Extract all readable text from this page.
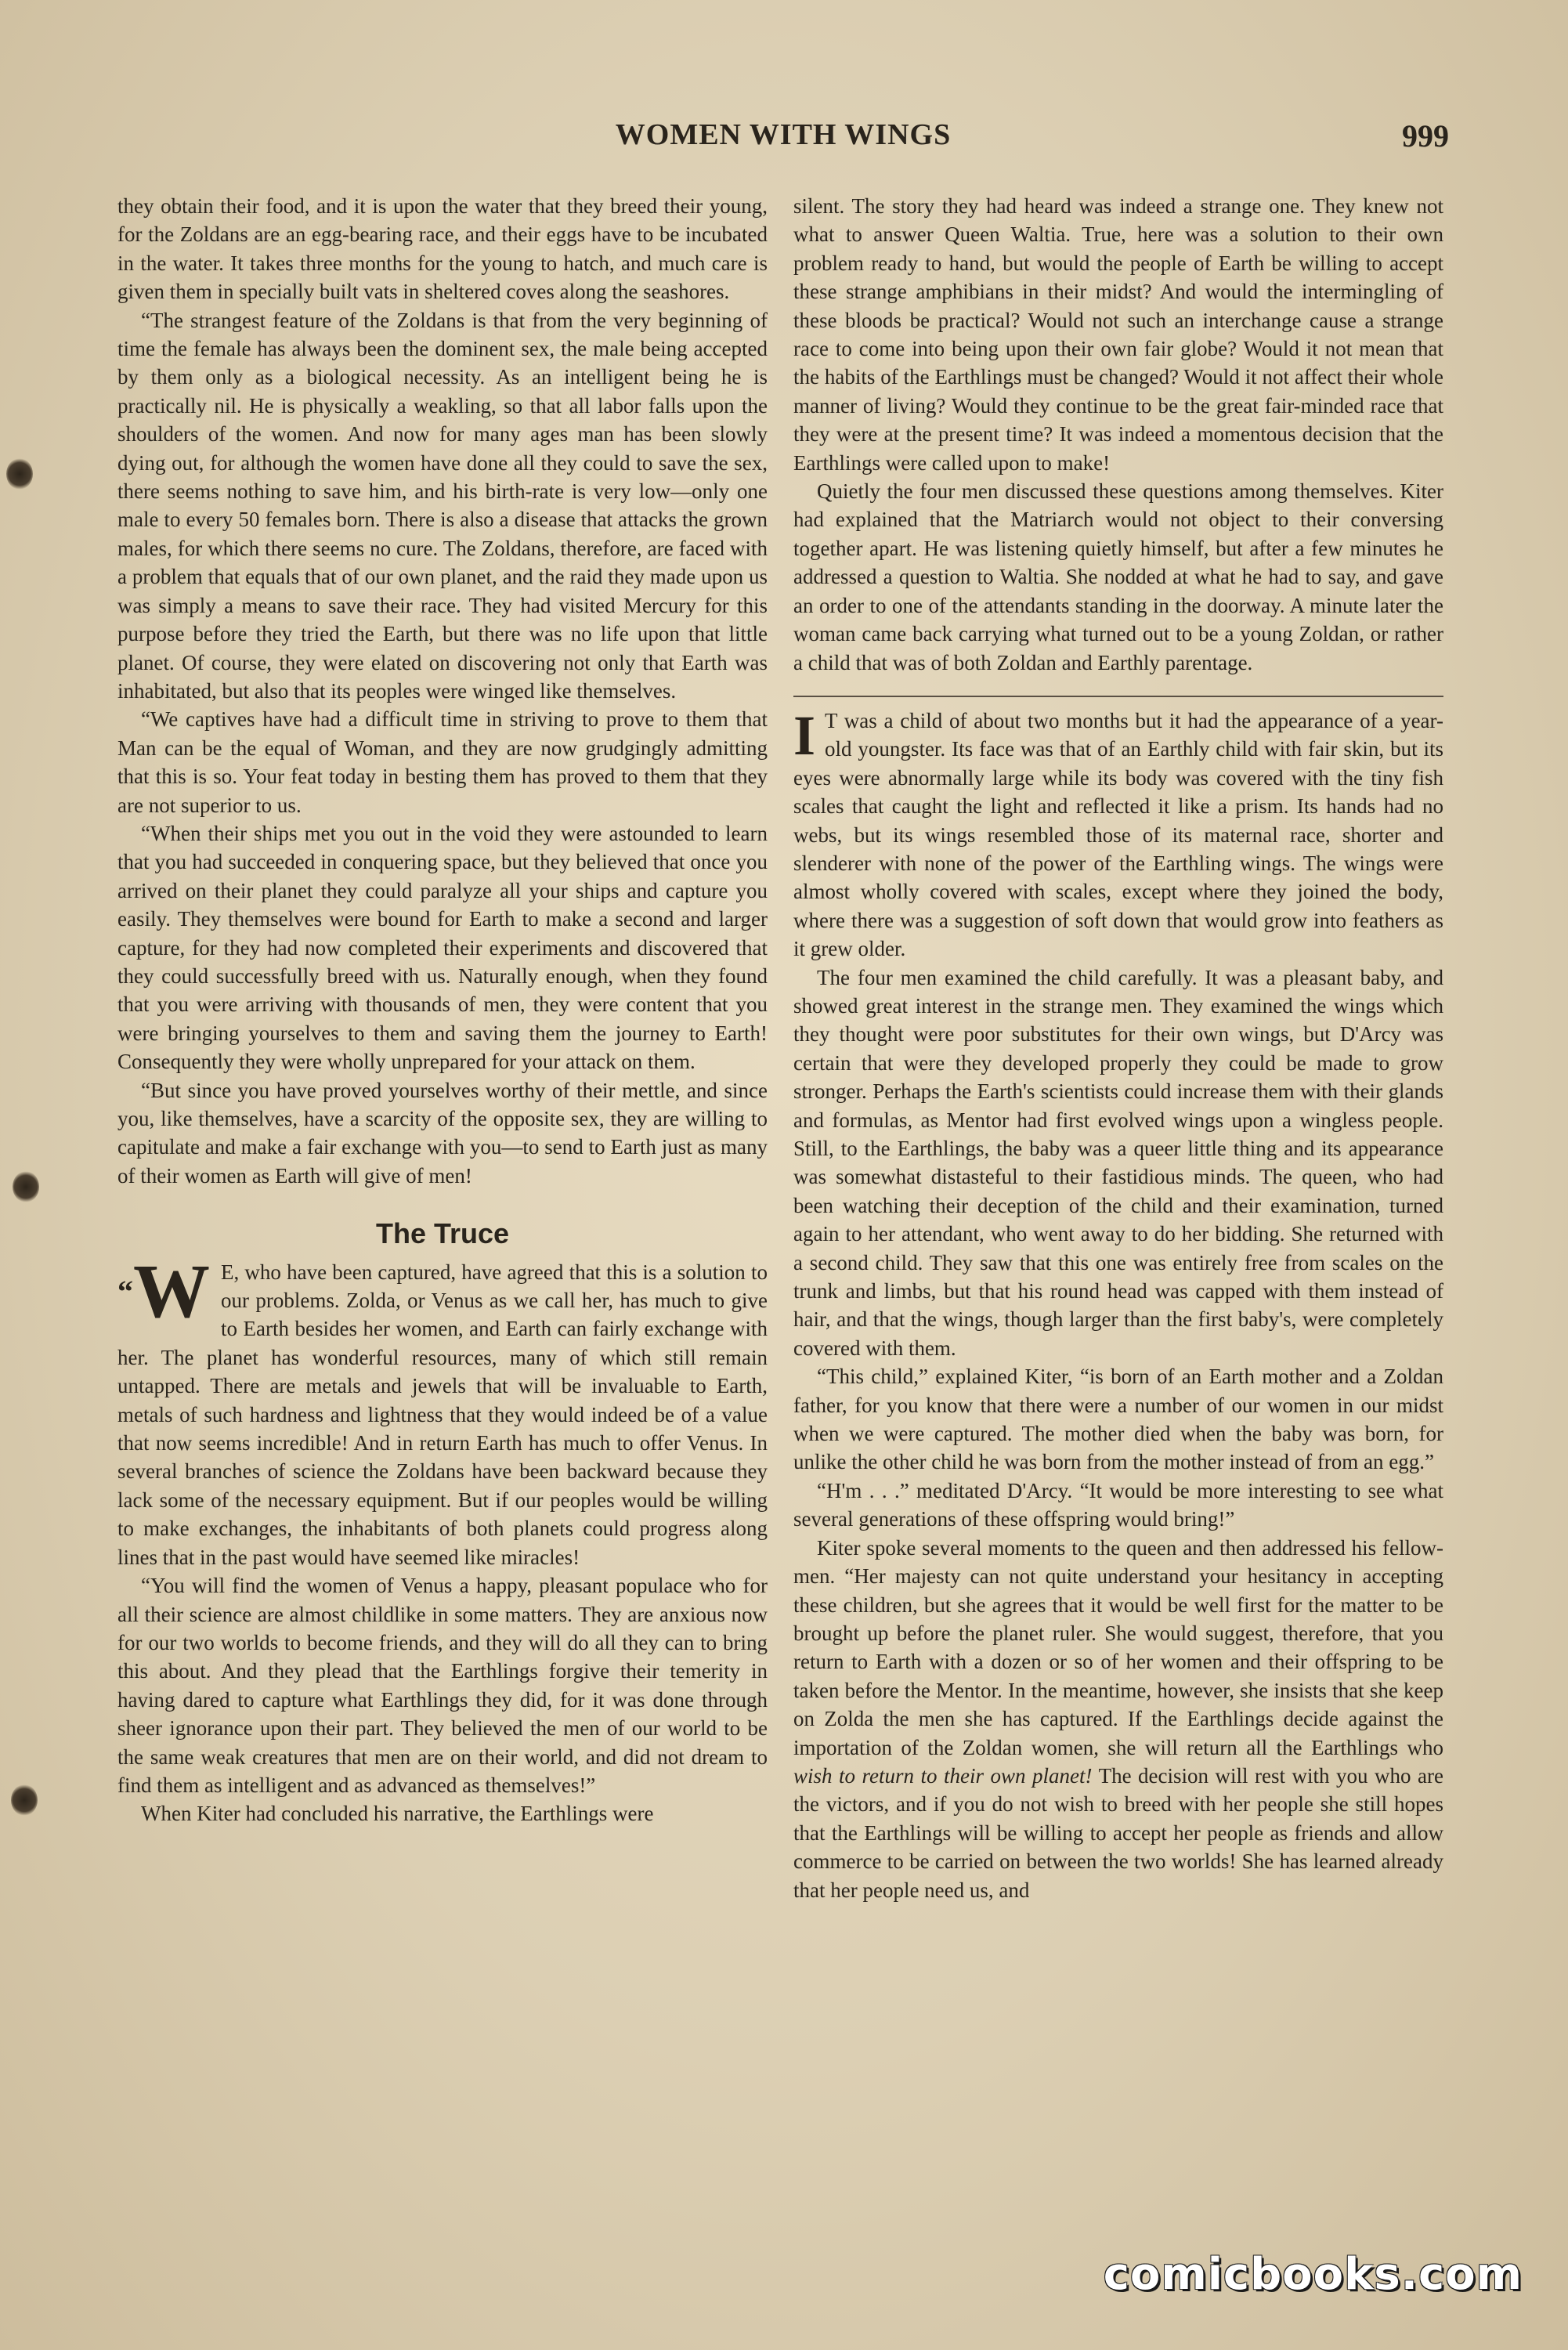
WOMEN WITH WINGS	999

they obtain their food, and it is upon the water that they breed their young, for the Zoldans are an egg-bearing race, and their eggs have to be incubated in the water. It takes three months for the young to hatch, and much care is given them in specially built vats in sheltered coves along the seashores.

“The strangest feature of the Zoldans is that from the very beginning of time the female has always been the dominent sex, the male being accepted by them only as a biological necessity. As an intelligent being he is practically nil. He is physically a weakling, so that all labor falls upon the shoulders of the women. And now for many ages man has been slowly dying out, for although the women have done all they could to save the sex, there seems nothing to save him, and his birth-rate is very low—only one male to every 50 females born. There is also a disease that attacks the grown males, for which there seems no cure. The Zoldans, therefore, are faced with a problem that equals that of our own planet, and the raid they made upon us was simply a means to save their race. They had visited Mercury for this purpose before they tried the Earth, but there was no life upon that little planet. Of course, they were elated on discovering not only that Earth was inhabitated, but also that its peoples were winged like themselves.

“We captives have had a difficult time in striving to prove to them that Man can be the equal of Woman, and they are now grudgingly admitting that this is so. Your feat today in besting them has proved to them that they are not superior to us.

“When their ships met you out in the void they were astounded to learn that you had succeeded in conquering space, but they believed that once you arrived on their planet they could paralyze all your ships and capture you easily. They themselves were bound for Earth to make a second and larger capture, for they had now completed their experiments and discovered that they could successfully breed with us. Naturally enough, when they found that you were arriving with thousands of men, they were content that you were bringing yourselves to them and saving them the journey to Earth! Consequently they were wholly unprepared for your attack on them.

“But since you have proved yourselves worthy of their mettle, and since you, like themselves, have a scarcity of the opposite sex, they are willing to capitulate and make a fair exchange with you—to send to Earth just as many of their women as Earth will give of men!

The Truce

“W E, who have been captured, have agreed that this is a solution to our problems. Zolda, or Venus as we call her, has much to give to Earth besides her women, and Earth can fairly exchange with her. The planet has wonderful resources, many of which still remain untapped. There are metals and jewels that will be invaluable to Earth, metals of such hardness and lightness that they would indeed be of a value that now seems incredible! And in return Earth has much to offer Venus. In several branches of science the Zoldans have been backward because they lack some of the necessary equipment. But if our peoples would be willing to make exchanges, the inhabitants of both planets could progress along lines that in the past would have seemed like miracles!

“You will find the women of Venus a happy, pleasant populace who for all their science are almost childlike in some matters. They are anxious now for our two worlds to become friends, and they will do all they can to bring this about. And they plead that the Earthlings forgive their temerity in having dared to capture what Earthlings they did, for it was done through sheer ignorance upon their part. They believed the men of our world to be the same weak creatures that men are on their world, and did not dream to find them as intelligent and as advanced as themselves!”

When Kiter had concluded his narrative, the Earthlings were

silent. The story they had heard was indeed a strange one. They knew not what to answer Queen Waltia. True, here was a solution to their own problem ready to hand, but would the people of Earth be willing to accept these strange amphibians in their midst? And would the intermingling of these bloods be practical? Would not such an interchange cause a strange race to come into being upon their own fair globe? Would it not mean that the habits of the Earthlings must be changed? Would it not affect their whole manner of living? Would they continue to be the great fair-minded race that they were at the present time? It was indeed a momentous decision that the Earthlings were called upon to make!

Quietly the four men discussed these questions among themselves. Kiter had explained that the Matriarch would not object to their conversing together apart. He was listening quietly himself, but after a few minutes he addressed a question to Waltia. She nodded at what he had to say, and gave an order to one of the attendants standing in the doorway. A minute later the woman came back carrying what turned out to be a young Zoldan, or rather a child that was of both Zoldan and Earthly parentage.

I T was a child of about two months but it had the appearance of a year-old youngster. Its face was that of an Earthly child with fair skin, but its eyes were abnormally large while its body was covered with the tiny fish scales that caught the light and reflected it like a prism. Its hands had no webs, but its wings resembled those of its maternal race, shorter and slenderer with none of the power of the Earthling wings. The wings were almost wholly covered with scales, except where they joined the body, where there was a suggestion of soft down that would grow into feathers as it grew older.

The four men examined the child carefully. It was a pleasant baby, and showed great interest in the strange men. They examined the wings which they thought were poor substitutes for their own wings, but D'Arcy was certain that were they developed properly they could be made to grow stronger. Perhaps the Earth's scientists could increase them with their glands and formulas, as Mentor had first evolved wings upon a wingless people. Still, to the Earthlings, the baby was a queer little thing and its appearance was somewhat distasteful to their fastidious minds. The queen, who had been watching their deception of the child and their examination, turned again to her attendant, who went away to do her bidding. She returned with a second child. They saw that this one was entirely free from scales on the trunk and limbs, but that his round head was capped with them instead of hair, and that the wings, though larger than the first baby's, were completely covered with them.

“This child,” explained Kiter, “is born of an Earth mother and a Zoldan father, for you know that there were a number of our women in our midst when we were captured. The mother died when the baby was born, for unlike the other child he was born from the mother instead of from an egg.”

“H'm . . .” meditated D'Arcy. “It would be more interesting to see what several generations of these offspring would bring!”

Kiter spoke several moments to the queen and then addressed his fellow-men. “Her majesty can not quite understand your hesitancy in accepting these children, but she agrees that it would be well first for the matter to be brought up before the planet ruler. She would suggest, therefore, that you return to Earth with a dozen or so of her women and their offspring to be taken before the Mentor. In the meantime, however, she insists that she keep on Zolda the men she has captured. If the Earthlings decide against the importation of the Zoldan women, she will return all the Earthlings who wish to return to their own planet! The decision will rest with you who are the victors, and if you do not wish to breed with her people she still hopes that the Earthlings will be willing to accept her people as friends and allow commerce to be carried on between the two worlds! She has learned already that her people need us, and

comicbooks.com
